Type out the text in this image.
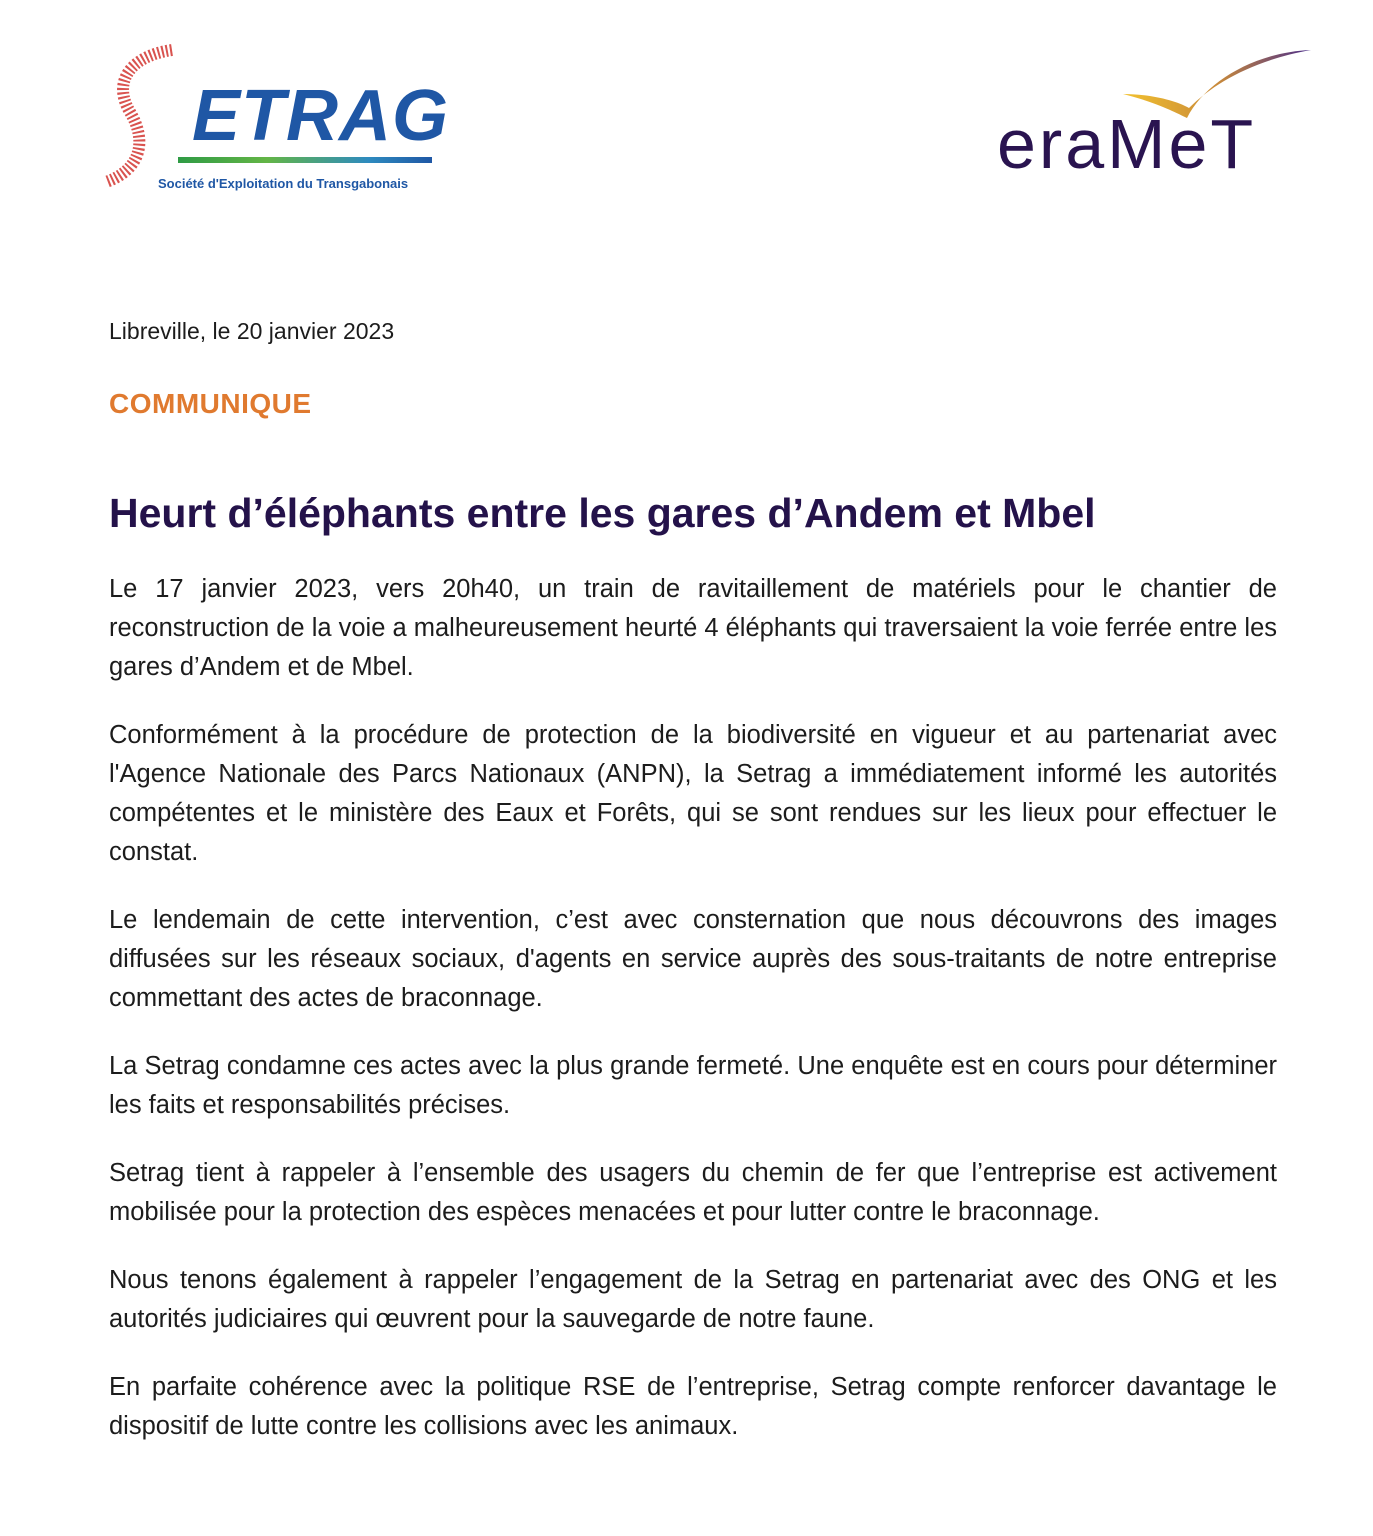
ETRAG
Société d'Exploitation du Transgabonais
eraMeT
Libreville, le 20 janvier 2023
COMMUNIQUE
Heurt d’éléphants entre les gares d’Andem et Mbel

Le 17 janvier 2023, vers 20h40, un train de ravitaillement de matériels pour le chantier de reconstruction de la voie a malheureusement heurté 4 éléphants qui traversaient la voie ferrée entre les gares d’Andem et de Mbel.

Conformément à la procédure de protection de la biodiversité en vigueur et au partenariat avec l'Agence Nationale des Parcs Nationaux (ANPN), la Setrag a immédiatement informé les autorités compétentes et le ministère des Eaux et Forêts, qui se sont rendues sur les lieux pour effectuer le constat.

Le lendemain de cette intervention, c’est avec consternation que nous découvrons des images diffusées sur les réseaux sociaux, d'agents en service auprès des sous-traitants de notre entreprise commettant des actes de braconnage.

La Setrag condamne ces actes avec la plus grande fermeté. Une enquête est en cours pour déterminer les faits et responsabilités précises.

Setrag tient à rappeler à l’ensemble des usagers du chemin de fer que l’entreprise est activement mobilisée pour la protection des espèces menacées et pour lutter contre le braconnage.

Nous tenons également à rappeler l’engagement de la Setrag en partenariat avec des ONG et les autorités judiciaires qui œuvrent pour la sauvegarde de notre faune.

En parfaite cohérence avec la politique RSE de l’entreprise, Setrag compte renforcer davantage le dispositif de lutte contre les collisions avec les animaux.
